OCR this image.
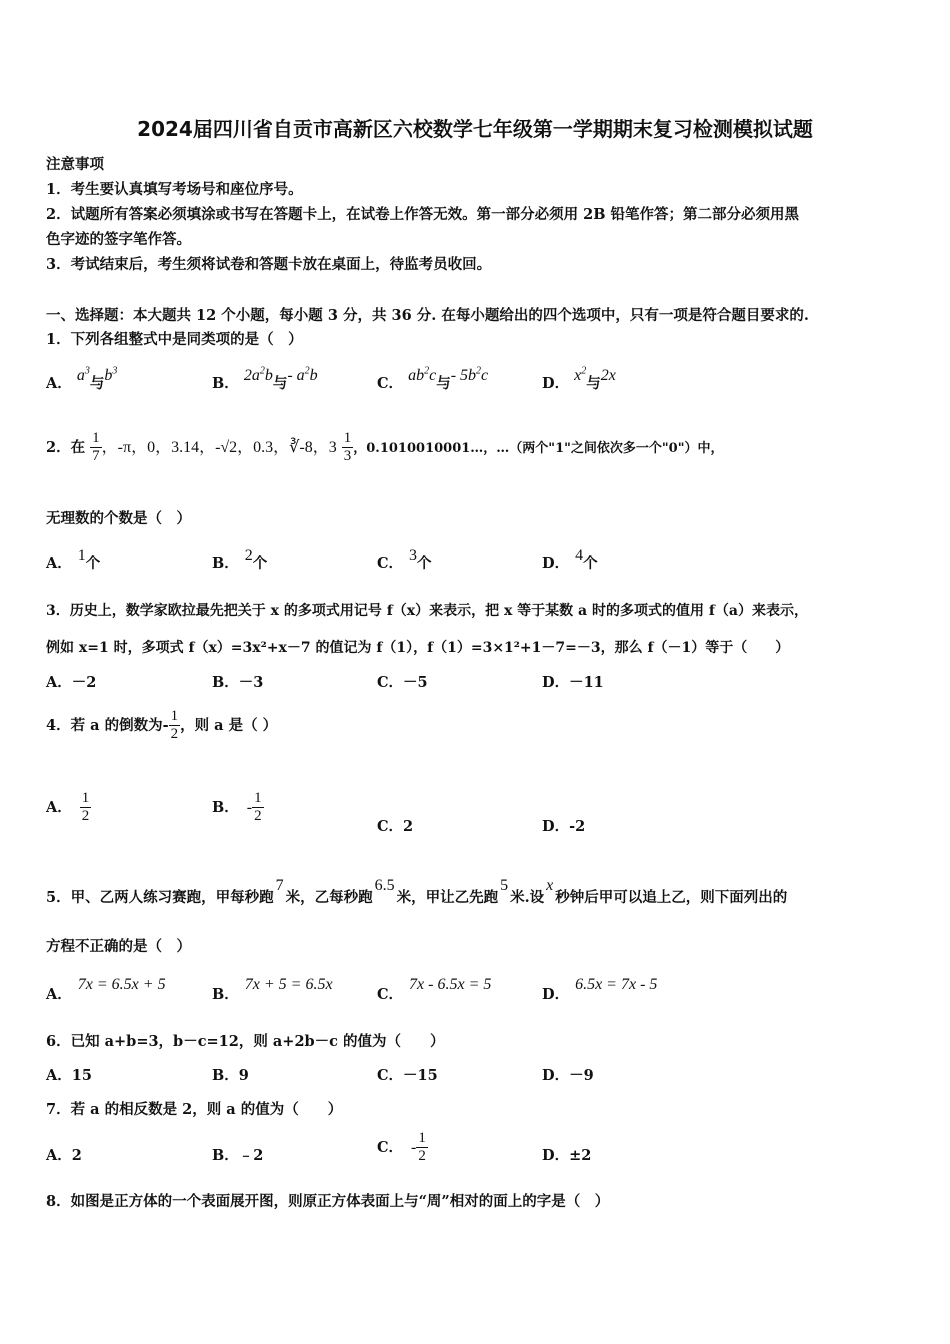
2024届四川省自贡市高新区六校数学七年级第一学期期末复习检测模拟试题
注意事项
1．考生要认真填写考场号和座位序号。
2．试题所有答案必须填涂或书写在答题卡上，在试卷上作答无效。第一部分必须用 2B 铅笔作答；第二部分必须用黑
色字迹的签字笔作答。
3．考试结束后，考生须将试卷和答题卡放在桌面上，待监考员收回。
一、选择题：本大题共 12 个小题，每小题 3 分，共 36 分. 在每小题给出的四个选项中，只有一项是符合题目要求的.
1．下列各组整式中是同类项的是（　）
A． $a^3$与$b^3$
B． $2a^2b$与- $a^2b$	C． $ab^2c$与- $5b^2c$	D． $x^2$与2x
2．在 $\frac{1}{7}$ ，-π，0，3.14，-√2，0.3，∛-8，$3 \frac{1}{3}$ ，0.1010010001…，…（两个"1"之间依次多一个"0"）中，
无理数的个数是（　）
A． 1个	B． 2个	C． 3个	D． 4个
3．历史上，数学家欧拉最先把关于 x 的多项式用记号 f（x）来表示，把 x 等于某数 a 时的多项式的值用 f（a）来表示，
例如 x=1 时，多项式 f（x）=3x²+x－7 的值记为 f（1），f（1）=3×1²+1－7=－3，那么 f（－1）等于（　　）
A．－2	B．－3	C．－5	D．－11
4．若 a 的倒数为- $\frac{1}{2}$ ，则 a 是（ ）
A． $\frac{1}{2}$	B． - $\frac{1}{2}$
C．2	D．-2
5．甲、乙两人练习赛跑，甲每秒跑7米，乙每秒跑6.5米，甲让乙先跑5米.设x秒钟后甲可以追上乙，则下面列出的
方程不正确的是（　）
A．7x = 6.5x + 5
B．7x + 5 = 6.5x
C．7x - 6.5x = 5
D．6.5x = 7x - 5
6．已知 a+b=3，b－c=12，则 a+2b－c 的值为（　　）
A．15	B．9	C．－15	D．－9
7．若 a 的相反数是 2，则 a 的值为（　　）
A．2	B．﹣2	C． - $\frac{1}{2}$	D．±2
8．如图是正方体的一个表面展开图，则原正方体表面上与“周”相对的面上的字是（　）
